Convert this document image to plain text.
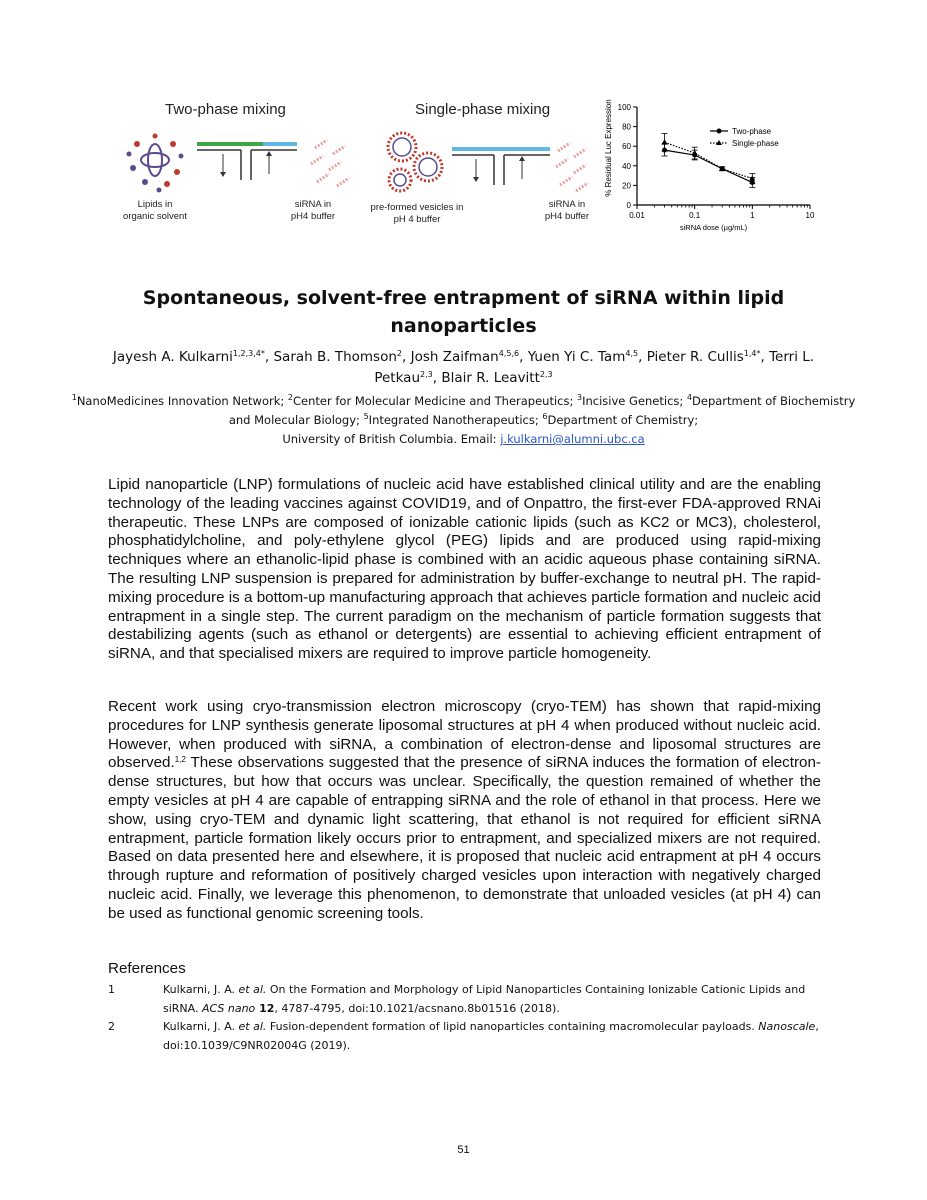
Two-phase mixing
Lipids in
organic solvent
siRNA in
pH4 buffer
Single-phase mixing
pre-formed vesicles in
pH 4 buffer
siRNA in
pH4 buffer
0
20
40
60
80
100
0.01	0.1	1	10
siRNA dose (µg/mL)
% Residual Luc Expression	Two-phase
Single-phase
Spontaneous, solvent-free entrapment of siRNA within lipid
nanoparticles
Jayesh A. Kulkarni$^{1,2,3,4*}$, Sarah B. Thomson$^2$, Josh Zaifman$^{4,5,6}$, Yuen Yi C. Tam$^{4,5}$, Pieter R. Cullis$^{1,4*}$, Terri L. Petkau$^{2,3}$, Blair R. Leavitt$^{2,3}$
$^1$NanoMedicines Innovation Network; $^2$Center for Molecular Medicine and Therapeutics; $^3$Incisive Genetics; $^4$Department of Biochemistry and Molecular Biology; $^5$Integrated Nanotherapeutics; $^6$Department of Chemistry;
University of British Columbia. Email: j.kulkarni@alumni.ubc.ca
Lipid nanoparticle (LNP) formulations of nucleic acid have established clinical utility and are the enabling technology of the leading vaccines against COVID19, and of Onpattro, the first-ever FDA-approved RNAi therapeutic. These LNPs are composed of ionizable cationic lipids (such as KC2 or MC3), cholesterol, phosphatidylcholine, and poly-ethylene glycol (PEG) lipids and are produced using rapid-mixing techniques where an ethanolic-lipid phase is combined with an acidic aqueous phase containing siRNA. The resulting LNP suspension is prepared for administration by buffer-exchange to neutral pH. The rapid-mixing procedure is a bottom-up manufacturing approach that achieves particle formation and nucleic acid entrapment in a single step. The current paradigm on the mechanism of particle formation suggests that destabilizing agents (such as ethanol or detergents) are essential to achieving efficient entrapment of siRNA, and that specialised mixers are required to improve particle homogeneity.
Recent work using cryo-transmission electron microscopy (cryo-TEM) has shown that rapid-mixing procedures for LNP synthesis generate liposomal structures at pH 4 when produced without nucleic acid. However, when produced with siRNA, a combination of electron-dense and liposomal structures are observed.$^{1,2}$ These observations suggested that the presence of siRNA induces the formation of electron-dense structures, but how that occurs was unclear. Specifically, the question remained of whether the empty vesicles at pH 4 are capable of entrapping siRNA and the role of ethanol in that process. Here we show, using cryo-TEM and dynamic light scattering, that ethanol is not required for efficient siRNA entrapment, particle formation likely occurs prior to entrapment, and specialized mixers are not required. Based on data presented here and elsewhere, it is proposed that nucleic acid entrapment at pH 4 occurs through rupture and reformation of positively charged vesicles upon interaction with negatively charged nucleic acid. Finally, we leverage this phenomenon, to demonstrate that unloaded vesicles (at pH 4) can be used as functional genomic screening tools.
References
1	Kulkarni, J. A. et al. On the Formation and Morphology of Lipid Nanoparticles Containing Ionizable Cationic Lipids and siRNA. ACS nano 12, 4787-4795, doi:10.1021/acsnano.8b01516 (2018).
2	Kulkarni, J. A. et al. Fusion-dependent formation of lipid nanoparticles containing macromolecular payloads. Nanoscale, doi:10.1039/C9NR02004G (2019).
51
